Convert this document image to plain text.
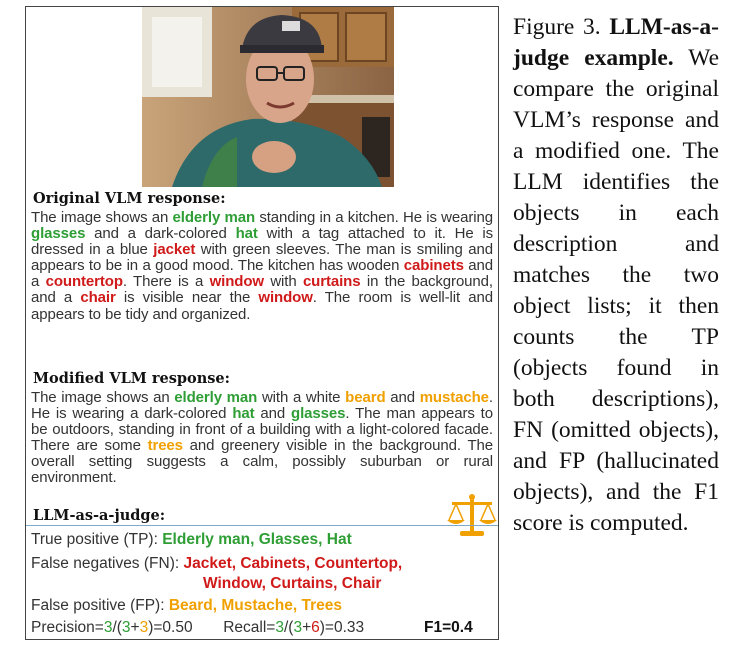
Original VLM response:
The image shows an elderly man standing in a kitchen. He is wearing glasses and a dark-colored hat with a tag attached to it. He is dressed in a blue jacket with green sleeves. The man is smiling and appears to be in a good mood. The kitchen has wooden cabinets and a countertop. There is a window with curtains in the background, and a chair is visible near the window. The room is well-lit and appears to be tidy and organized.
Modified VLM response:
The image shows an elderly man with a white beard and mustache. He is wearing a dark-colored hat and glasses. The man appears to be outdoors, standing in front of a building with a light-colored facade. There are some trees and greenery visible in the background. The overall setting suggests a calm, possibly suburban or rural environment.
LLM-as-a-judge:
True positive (TP): Elderly man, Glasses, Hat
False negatives (FN): Jacket, Cabinets, Countertop,
Window, Curtains, Chair
False positive (FP): Beard, Mustache, Trees
Precision=3/(3+3)=0.50 Recall=3/(3+6)=0.33	F1=0.4
Figure 3. LLM-as-a-judge example. We compare the original VLM’s response and a modified one. The LLM identifies the objects in each description and matches the two object lists; it then counts the TP (objects found in both descriptions), FN (omitted objects), and FP (hallucinated objects), and the F1 score is computed.
